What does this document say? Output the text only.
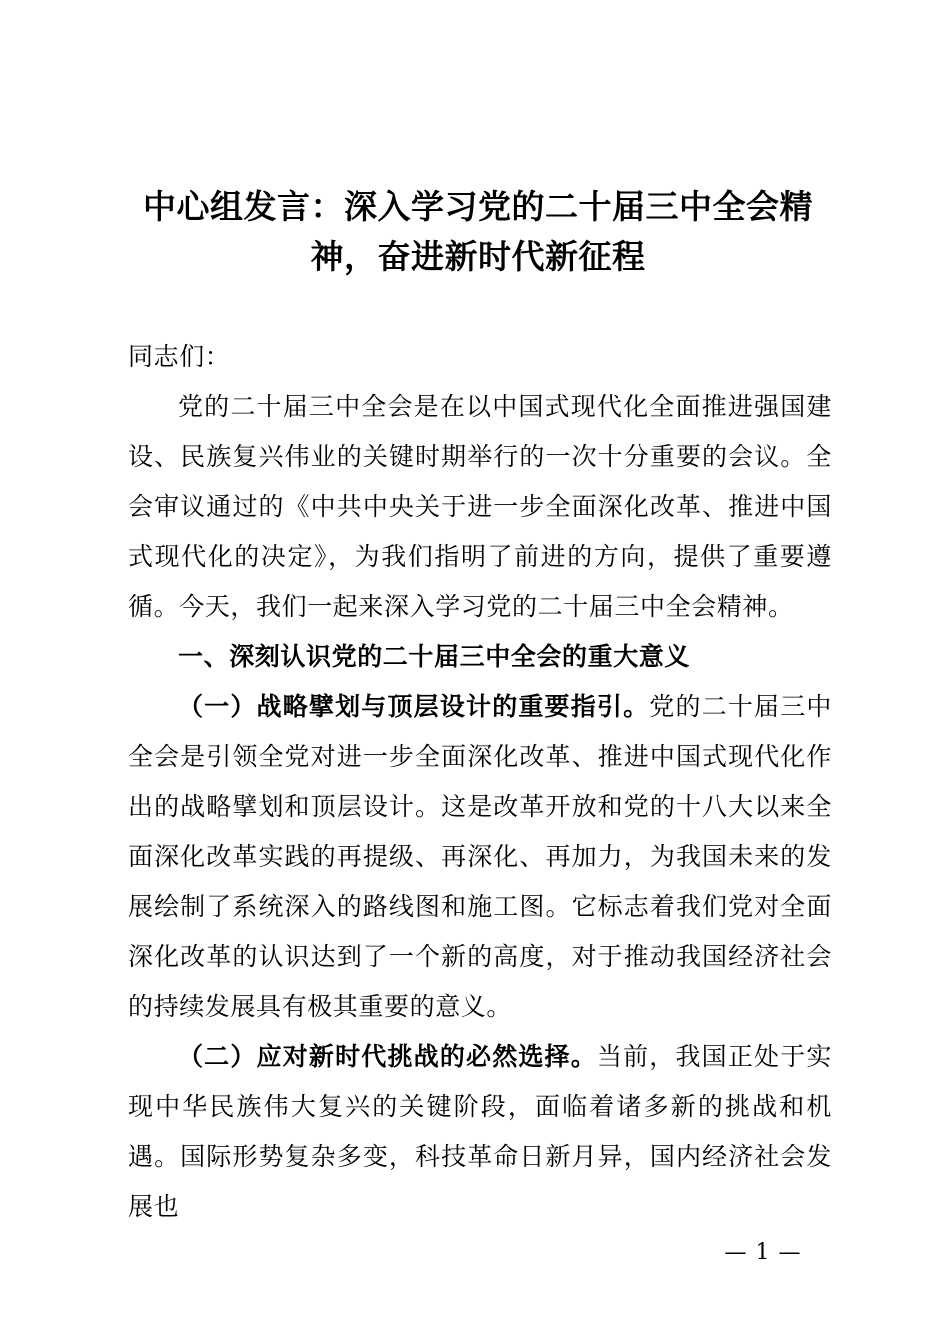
中心组发言：深入学习党的二十届三中全会精
神，奋进新时代新征程

同志们：

党的二十届三中全会是在以中国式现代化全面推进强国建设、民族复兴伟业的关键时期举行的一次十分重要的会议。全会审议通过的《中共中央关于进一步全面深化改革、推进中国式现代化的决定》，为我们指明了前进的方向，提供了重要遵循。今天，我们一起来深入学习党的二十届三中全会精神。

一、深刻认识党的二十届三中全会的重大意义

（一）战略擘划与顶层设计的重要指引。党的二十届三中全会是引领全党对进一步全面深化改革、推进中国式现代化作出的战略擘划和顶层设计。这是改革开放和党的十八大以来全面深化改革实践的再提级、再深化、再加力，为我国未来的发展绘制了系统深入的路线图和施工图。它标志着我们党对全面深化改革的认识达到了一个新的高度，对于推动我国经济社会的持续发展具有极其重要的意义。

（二）应对新时代挑战的必然选择。当前，我国正处于实现中华民族伟大复兴的关键阶段，面临着诸多新的挑战和机遇。国际形势复杂多变，科技革命日新月异，国内经济社会发展也

— 1 —
